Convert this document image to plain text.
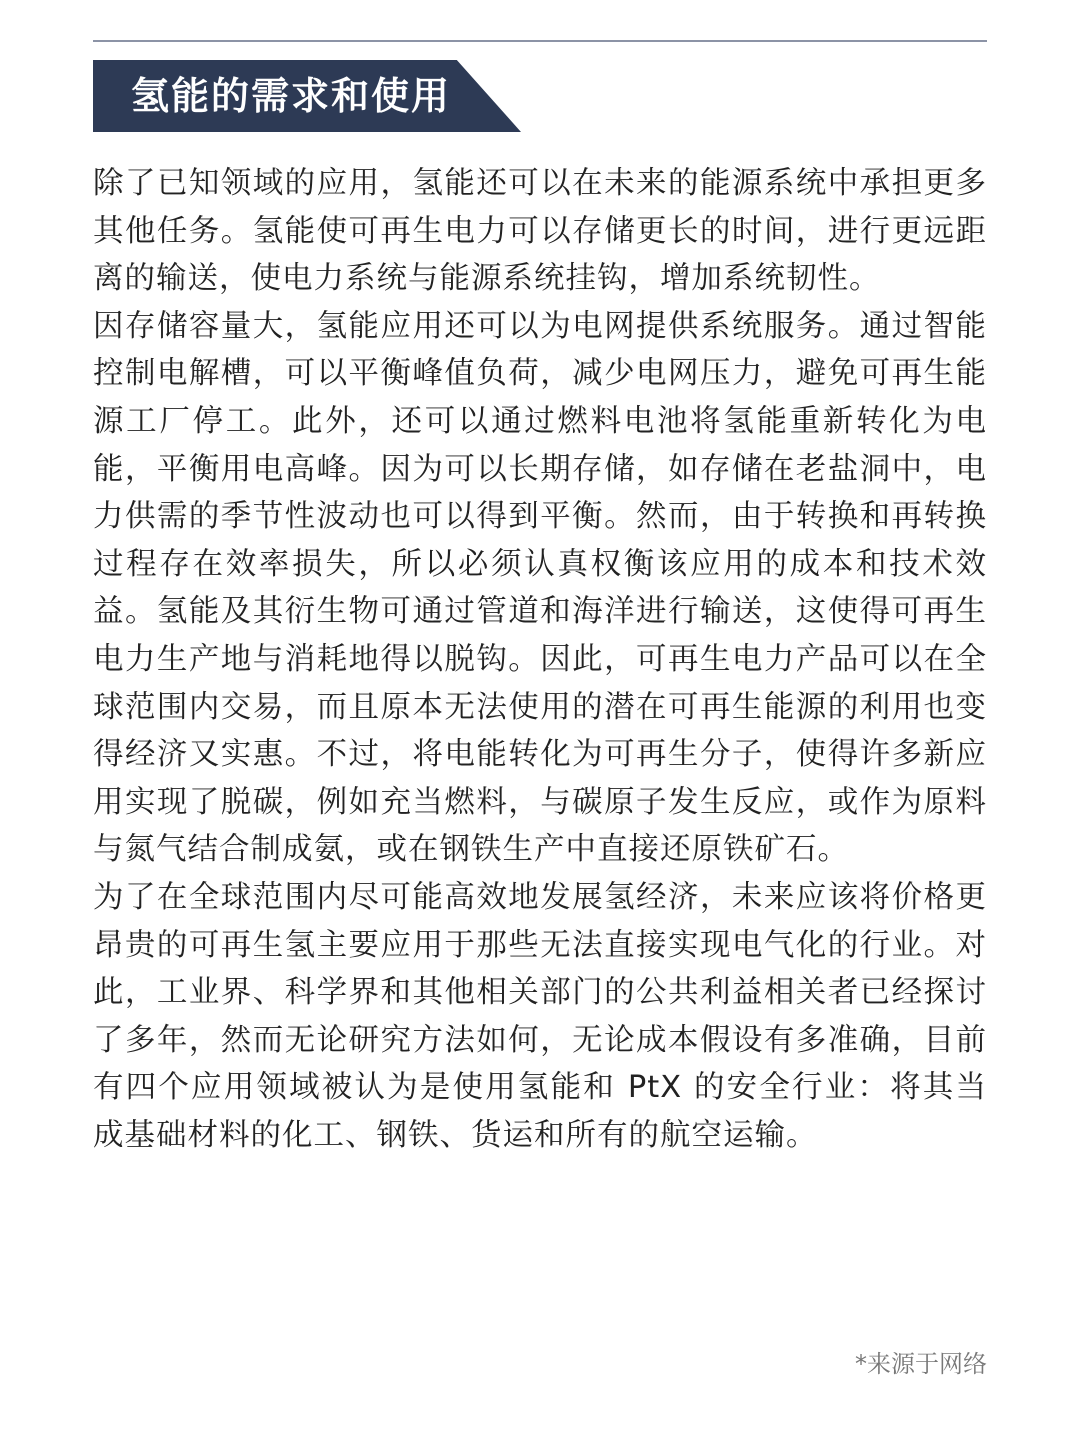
氢能的需求和使用

除了已知领域的应用，氢能还可以在未来的能源系统中承担更多其他任务。氢能使可再生电力可以存储更长的时间，进行更远距离的输送，使电力系统与能源系统挂钩，增加系统韧性。

因存储容量大，氢能应用还可以为电网提供系统服务。通过智能控制电解槽，可以平衡峰值负荷，减少电网压力，避免可再生能源工厂停工。此外，还可以通过燃料电池将氢能重新转化为电能，平衡用电高峰。因为可以长期存储，如存储在老盐洞中，电力供需的季节性波动也可以得到平衡。然而，由于转换和再转换过程存在效率损失，所以必须认真权衡该应用的成本和技术效益。氢能及其衍生物可通过管道和海洋进行输送，这使得可再生电力生产地与消耗地得以脱钩。因此，可再生电力产品可以在全球范围内交易，而且原本无法使用的潜在可再生能源的利用也变得经济又实惠。不过，将电能转化为可再生分子，使得许多新应用实现了脱碳，例如充当燃料，与碳原子发生反应，或作为原料与氮气结合制成氨，或在钢铁生产中直接还原铁矿石。

为了在全球范围内尽可能高效地发展氢经济，未来应该将价格更昂贵的可再生氢主要应用于那些无法直接实现电气化的行业。对此，工业界、科学界和其他相关部门的公共利益相关者已经探讨了多年，然而无论研究方法如何，无论成本假设有多准确，目前有四个应用领域被认为是使用氢能和 PtX 的安全行业：将其当成基础材料的化工、钢铁、货运和所有的航空运输。

*来源于网络
